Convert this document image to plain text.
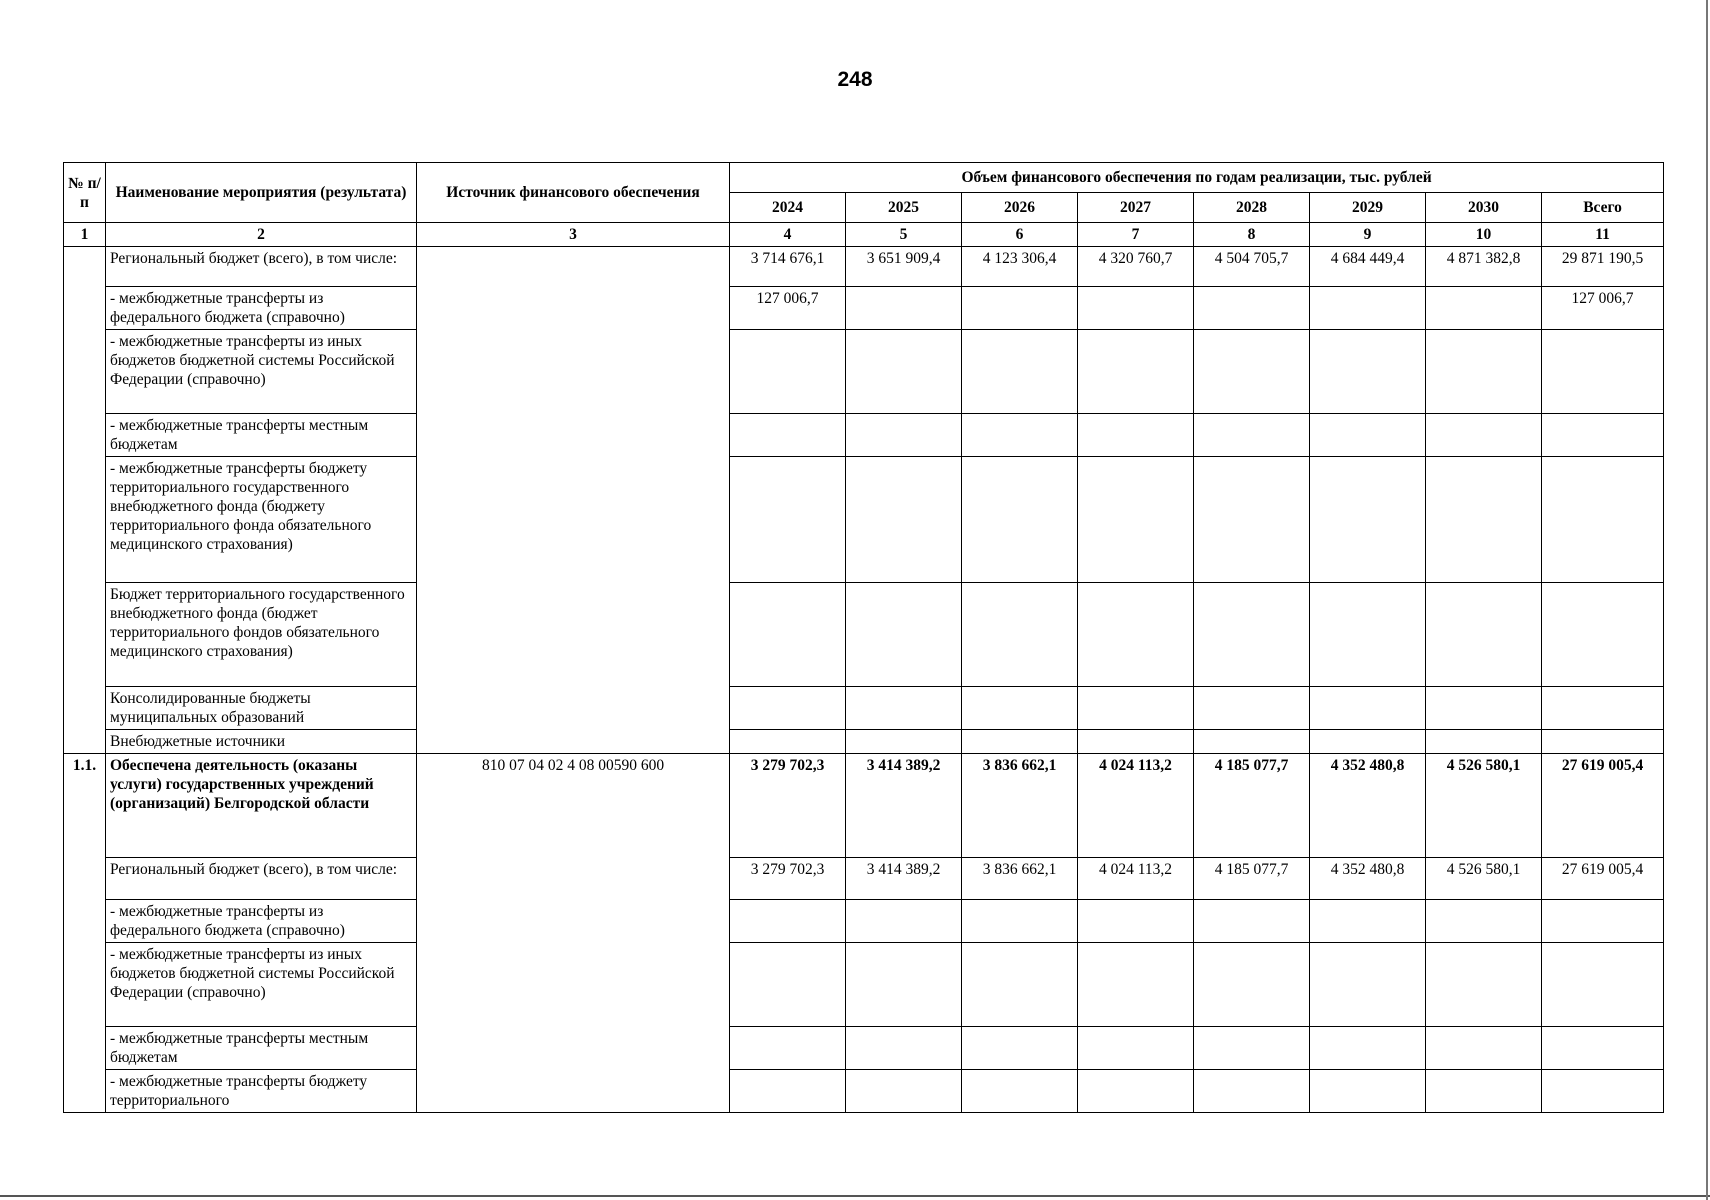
248
№ п/п	Наименование мероприятия (результата)	Источник финансового обеспечения	Объем финансового обеспечения по годам реализации, тыс. рублей							
			2024	2025	2026	2027	2028	2029	2030	Всего
1	2	3	4	5	6	7	8	9	10	11
	Региональный бюджет (всего), в том числе:		3 714 676,1	3 651 909,4	4 123 306,4	4 320 760,7	4 504 705,7	4 684 449,4	4 871 382,8	29 871 190,5
	- межбюджетные трансферты из федерального бюджета (справочно)		127 006,7							127 006,7
	- межбюджетные трансферты из иных бюджетов бюджетной системы Российской Федерации (справочно)									
	- межбюджетные трансферты местным бюджетам									
	- межбюджетные трансферты бюджету территориального государственного внебюджетного фонда (бюджету территориального фонда обязательного медицинского страхования)									
	Бюджет территориального государственного внебюджетного фонда (бюджет территориального фондов обязательного медицинского страхования)									
	Консолидированные бюджеты муниципальных образований									
	Внебюджетные источники									
1.1.	Обеспечена деятельность (оказаны услуги) государственных учреждений (организаций) Белгородской области	810 07 04 02 4 08 00590 600	3 279 702,3	3 414 389,2	3 836 662,1	4 024 113,2	4 185 077,7	4 352 480,8	4 526 580,1	27 619 005,4
	Региональный бюджет (всего), в том числе:		3 279 702,3	3 414 389,2	3 836 662,1	4 024 113,2	4 185 077,7	4 352 480,8	4 526 580,1	27 619 005,4
	- межбюджетные трансферты из федерального бюджета (справочно)									
	- межбюджетные трансферты из иных бюджетов бюджетной системы Российской Федерации (справочно)									
	- межбюджетные трансферты местным бюджетам									
	- межбюджетные трансферты бюджету территориального									
